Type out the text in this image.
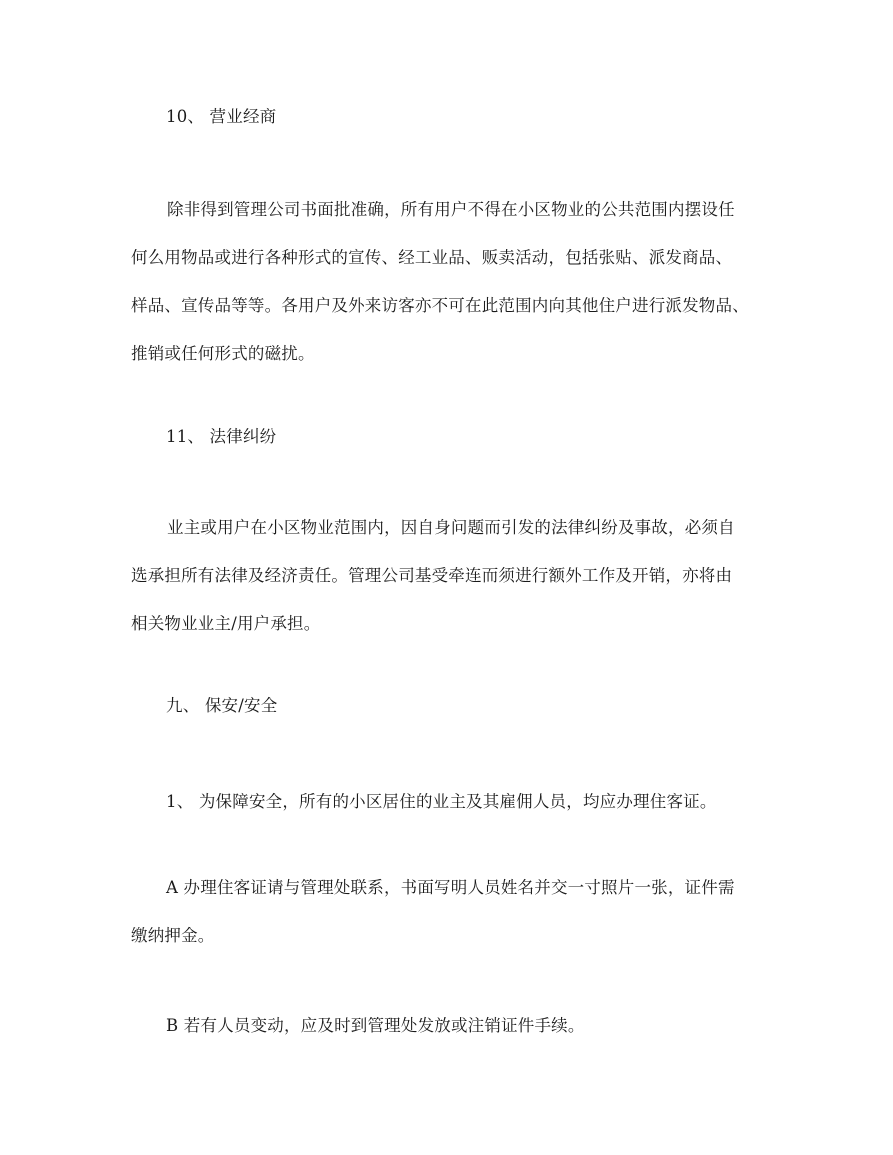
10、 营业经商

除非得到管理公司书面批准确，所有用户不得在小区物业的公共范围内摆设任

何么用物品或进行各种形式的宣传、经工业品、贩卖活动，包括张贴、派发商品、

样品、宣传品等等。各用户及外来访客亦不可在此范围内向其他住户进行派发物品、

推销或任何形式的磁扰。

11、 法律纠纷

业主或用户在小区物业范围内，因自身问题而引发的法律纠纷及事故，必须自

选承担所有法律及经济责任。管理公司基受牵连而须进行额外工作及开销，亦将由

相关物业业主/用户承担。

九、 保安/安全
1、 为保障安全，所有的小区居住的业主及其雇佣人员，均应办理住客证。

A 办理住客证请与管理处联系，书面写明人员姓名并交一寸照片一张，证件需

缴纳押金。

B 若有人员变动，应及时到管理处发放或注销证件手续。
